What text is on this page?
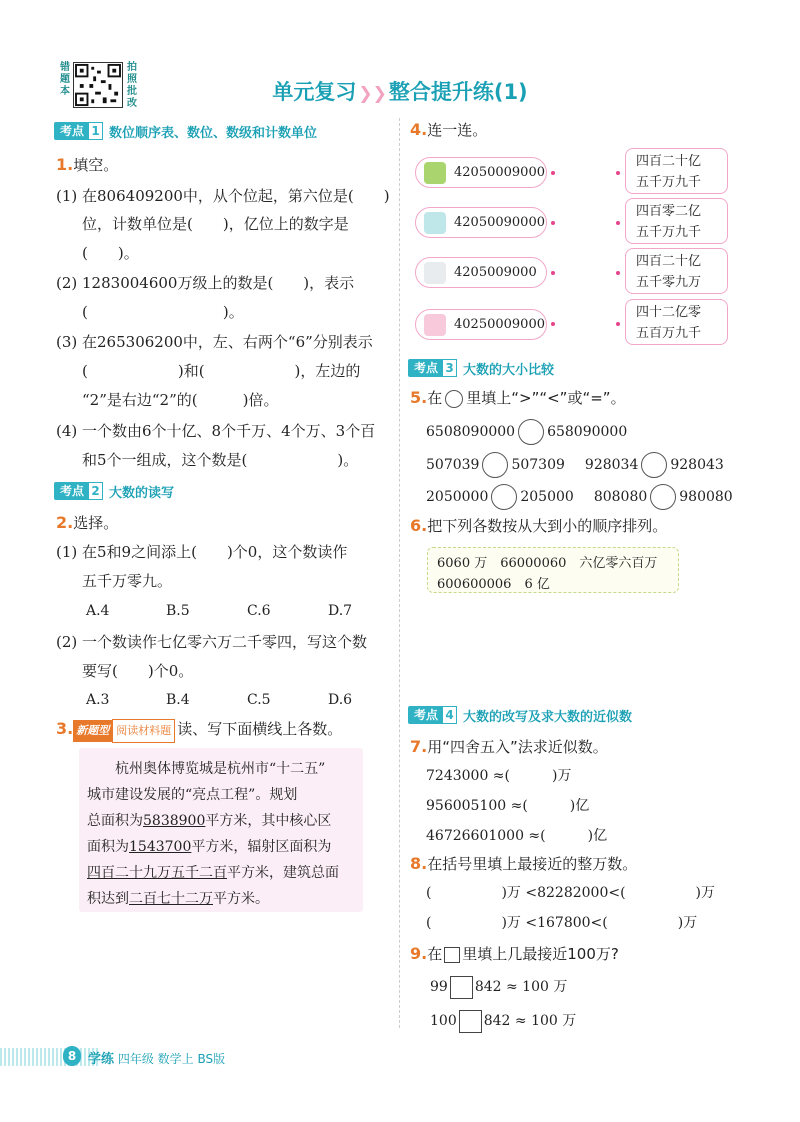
错题本
拍照批改	单元复习 ❯❯整合提升练(1)
考点 1 数位顺序表、数位、数级和计数单位
1.填空。
(1) 在806409200中，从个位起，第六位是(　　)
位，计数单位是(　　)，亿位上的数字是
(　　)。
(2) 1283004600万级上的数是(　　)，表示
(　　　　　　　　　)。
(3) 在265306200中，左、右两个“6”分别表示
(　　　　　　)和(　　　　　　)，左边的
“2”是右边“2”的(　　　)倍。
(4) 一个数由6个十亿、8个千万、4个万、3个百
和5个一组成，这个数是(　　　　　　)。
考点 2 大数的读写
2.选择。
(1) 在5和9之间添上(　　)个0，这个数读作
五千万零九。
A.4	B.5	C.6	D.7
(2) 一个数读作七亿零六万二千零四，写这个数
要写(　　)个0。
A.3	B.4	C.5	D.6
3. 新题型 阅读材料题 读、写下面横线上各数。

杭州奥体博览城是杭州市“十二五”

城市建设发展的“亮点工程”。规划

总面积为5838900平方米，其中核心区

面积为1543700平方米，辐射区面积为

四百二十九万五千二百平方米，建筑总面

积达到二百七十二万平方米。

4.连一连。
42050009000
42050090000
4205009000
40250009000
四百二十亿
五千万九千
四百零二亿
五千万九千
四百二十亿
五千零九万
四十二亿零
五百万九千
考点 3 大数的大小比较
5.在 里填上“>”“<”或“=”。
6508090000 658090000
507039 507309 928034 928043
2050000 205000 808080 980080
6.把下列各数按从大到小的顺序排列。
6060 万　66000060　六亿零六百万
600600006　6 亿
考点 4 大数的改写及求大数的近似数
7.用“四舍五入”法求近似数。
7243000 ≈(　　　)万
956005100 ≈(　　　)亿
46726601000 ≈(　　　)亿
8.在括号里填上最接近的整万数。
(　　　　　)万 <82282000<(　　　　　)万
(　　　　　)万 <167800<(　　　　　)万
9.在 里填上几最接近100万?
99 842 ≈ 100 万
100 842 ≈ 100 万
8 学练 四年级 数学上 BS版
